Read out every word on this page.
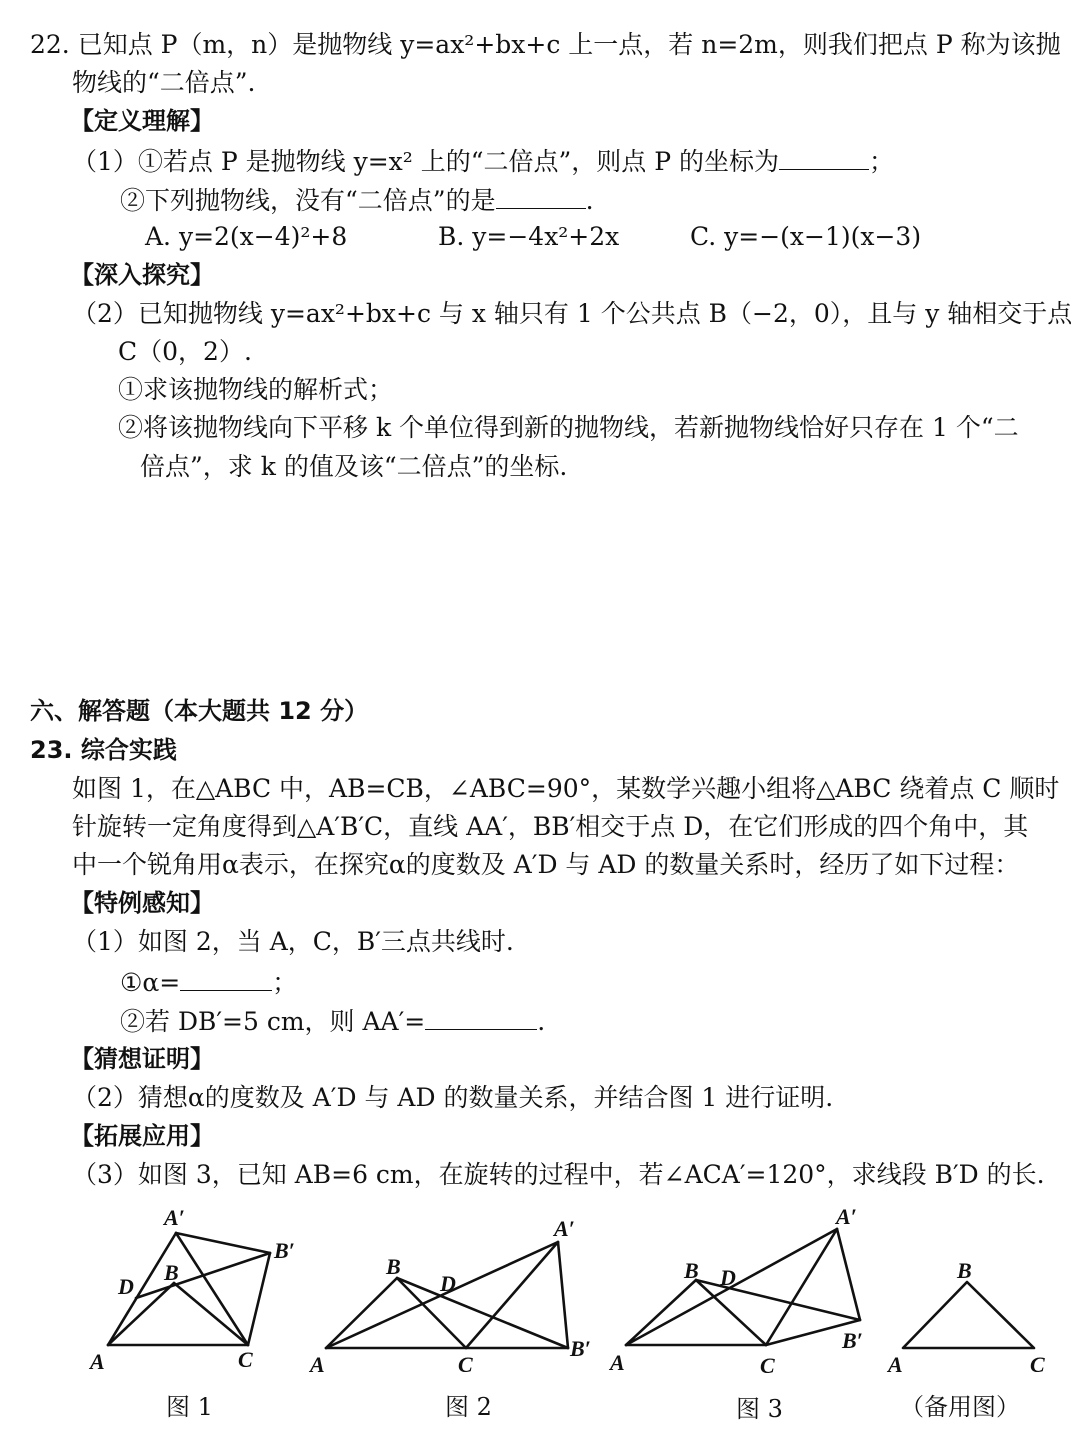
22. 已知点 P（m，n）是抛物线 y=ax²+bx+c 上一点，若 n=2m，则我们把点 P 称为该抛
物线的“二倍点”.
【定义理解】
（1）①若点 P 是抛物线 y=x² 上的“二倍点”，则点 P 的坐标为	；
②下列抛物线，没有“二倍点”的是	.
A. y=2(x−4)²+8	B. y=−4x²+2x	C. y=−(x−1)(x−3)
【深入探究】
（2）已知抛物线 y=ax²+bx+c 与 x 轴只有 1 个公共点 B（−2，0），且与 y 轴相交于点
C（0，2）.
①求该抛物线的解析式；
②将该抛物线向下平移 k 个单位得到新的抛物线，若新抛物线恰好只存在 1 个“二
倍点”，求 k 的值及该“二倍点”的坐标.
六、解答题（本大题共 12 分）
23. 综合实践
如图 1，在△ABC 中，AB=CB，∠ABC=90°，某数学兴趣小组将△ABC 绕着点 C 顺时
针旋转一定角度得到△A′B′C，直线 AA′，BB′相交于点 D，在它们形成的四个角中，其
中一个锐角用α表示，在探究α的度数及 A′D 与 AD 的数量关系时，经历了如下过程：
【特例感知】
（1）如图 2，当 A，C，B′三点共线时.
①α=	；
②若 DB′=5 cm，则 AA′=	.
【猜想证明】
（2）猜想α的度数及 A′D 与 AD 的数量关系，并结合图 1 进行证明.
【拓展应用】
（3）如图 3，已知 AB=6 cm，在旋转的过程中，若∠ACA′=120°，求线段 B′D 的长.
A	C
B
D
A′
B′
图 1
A	C
B
D
A′
B′
图 2
A	C
B D
A′
B′
图 3
A	C
B
（备用图）
